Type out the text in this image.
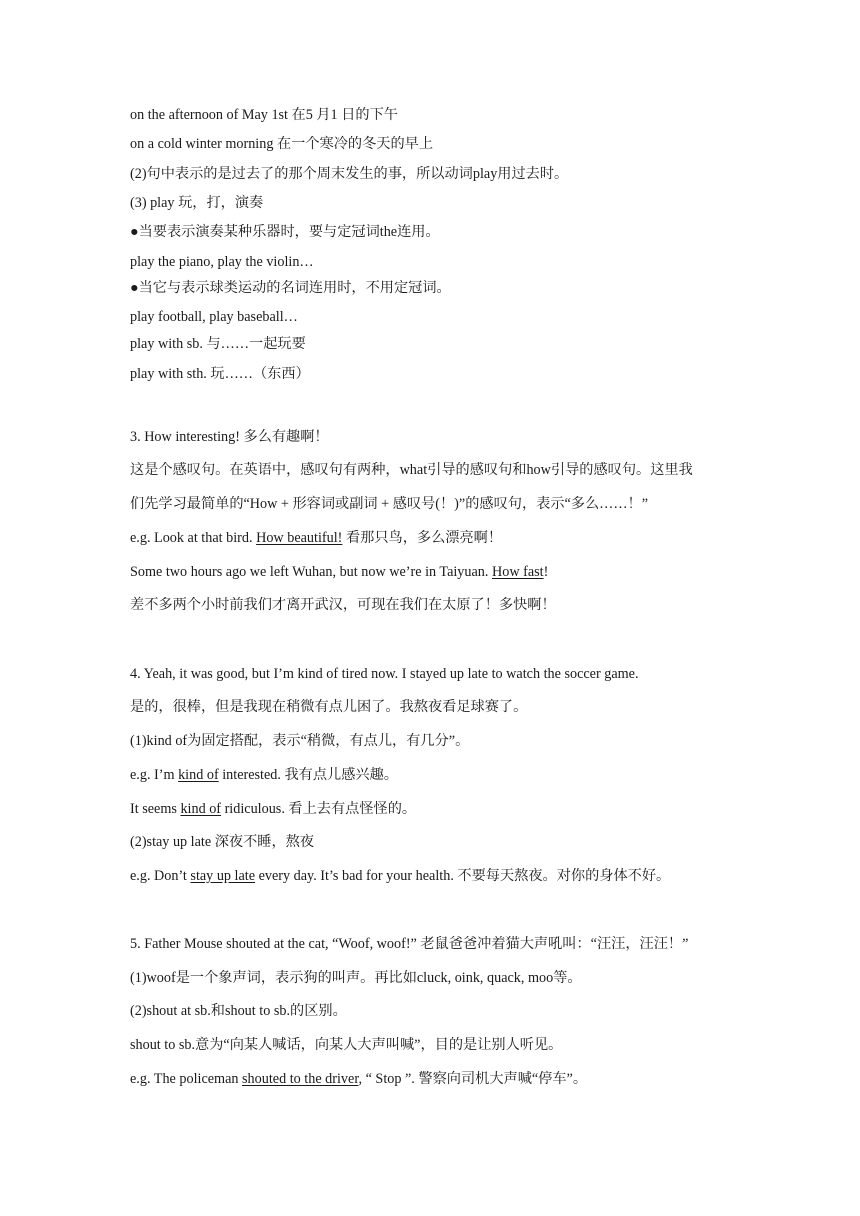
on the afternoon of May 1st 在5 月1 日的下午
on a cold winter morning 在一个寒冷的冬天的早上
(2)句中表示的是过去了的那个周末发生的事，所以动词play用过去时。
(3) play 玩，打，演奏
●当要表示演奏某种乐器时，要与定冠词the连用。
play the piano, play the violin…
●当它与表示球类运动的名词连用时，不用定冠词。
play football, play baseball…
play with sb. 与……一起玩要
play with sth. 玩……（东西）
3. How interesting! 多么有趣啊！
这是个感叹句。在英语中，感叹句有两种，what引导的感叹句和how引导的感叹句。这里我
们先学习最简单的“How + 形容词或副词 + 感叹号(！)”的感叹句，表示“多么……！”
e.g. Look at that bird. How beautiful! 看那只鸟，多么漂亮啊！
Some two hours ago we left Wuhan, but now we’re in Taiyuan. How fast!
差不多两个小时前我们才离开武汉，可现在我们在太原了！多快啊！
4. Yeah, it was good, but I’m kind of tired now. I stayed up late to watch the soccer game.
是的，很棒，但是我现在稍微有点儿困了。我熬夜看足球赛了。
(1)kind of为固定搭配，表示“稍微，有点儿，有几分”。
e.g. I’m kind of interested. 我有点儿感兴趣。
It seems kind of ridiculous. 看上去有点怪怪的。
(2)stay up late 深夜不睡，熬夜
e.g. Don’t stay up late every day. It’s bad for your health. 不要每天熬夜。对你的身体不好。
5. Father Mouse shouted at the cat, “Woof, woof!” 老鼠爸爸冲着猫大声吼叫：“汪汪，汪汪！”
(1)woof是一个象声词，表示狗的叫声。再比如cluck, oink, quack, moo等。
(2)shout at sb.和shout to sb.的区别。
shout to sb.意为“向某人喊话，向某人大声叫喊”，目的是让别人听见。
e.g. The policeman shouted to the driver, “ Stop ”. 警察向司机大声喊“停车”。
